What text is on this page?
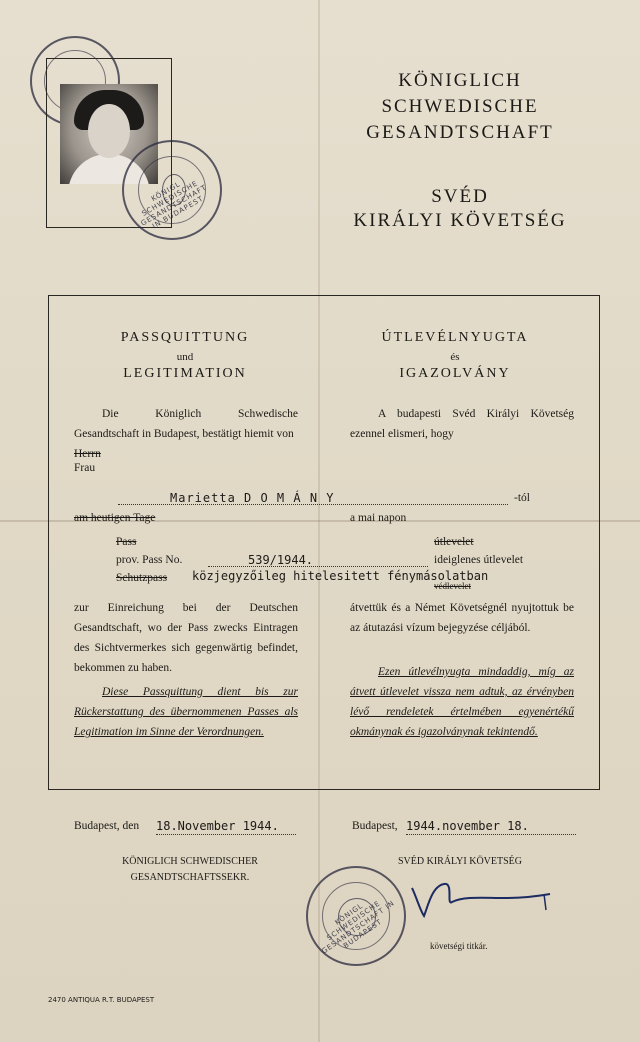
KÖNIGLICH
SCHWEDISCHE
GESANDTSCHAFT
SVÉD
KIRÁLYI KÖVETSÉG
KÖNIGL SCHWEDISCHE GESANDTSCHAFT IN BUDAPEST
PASSQUITTUNG
und
LEGITIMATION
ÚTLEVÉLNYUGTA
és
IGAZOLVÁNY
Die Königlich Schwedische Gesandtschaft in Budapest, bestätigt hiemit von
A budapesti Svéd Királyi Követség ezennel elismeri, hogy
Herrn
Frau
Marietta D O M Á N Y	-tól
am heutigen Tage	a mai napon
Pass	útlevelet
prov. Pass No.	539/1944.	ideiglenes útlevelet
Schutzpass közjegyzőileg hitelesitett fénymásolatban
védlevelet
zur Einreichung bei der Deutschen Gesandtschaft, wo der Pass zwecks Eintragen des Sichtvermerkes sich gegenwärtig befindet, bekommen zu haben.
átvettük és a Német Követségnél nyujtottuk be az átutazási vízum bejegyzése céljából.
Diese Passquittung dient bis zur Rückerstattung des übernommenen Passes als Legitimation im Sinne der Verordnungen.
Ezen útlevélnyugta mindaddig, míg az átvett útlevelet vissza nem adtuk, az érvényben lévő rendeletek értelmében egyenértékű okmánynak és igazolványnak tekintendő.
Budapest, den 18.November 1944.	Budapest, 1944.november 18.
KÖNIGLICH SCHWEDISCHER
GESANDTSCHAFTSSEKR.
SVÉD KIRÁLYI KÖVETSÉG
KÖNIGL SCHWEDISCHE GESANDTSCHAFT IN BUDAPEST	követségi titkár.
2470 ANTIQUA R.T. BUDAPEST
